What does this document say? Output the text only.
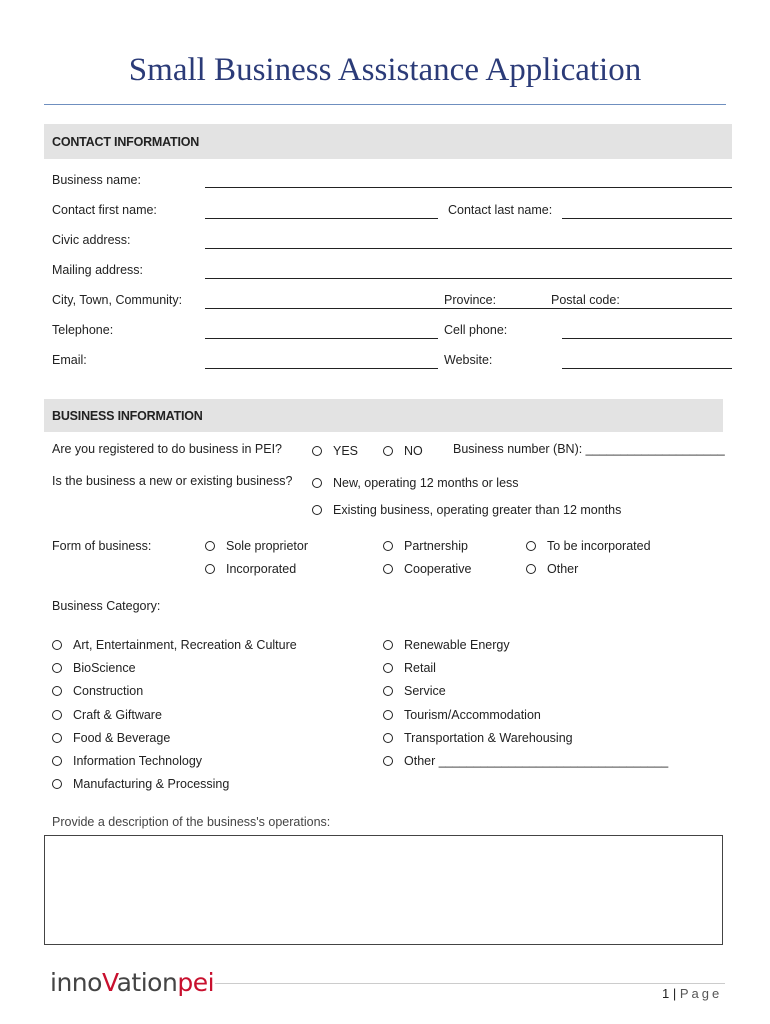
Small Business Assistance Application
CONTACT INFORMATION
Business name:
Contact first name:	Contact last name:
Civic address:
Mailing address:
City, Town, Community:	Province:	Postal code:
Telephone:	Cell phone:
Email:	Website:
BUSINESS INFORMATION
Are you registered to do business in PEI?	YES	NO Business number (BN): ____________________
Is the business a new or existing business?	New, operating 12 months or less
Existing business, operating greater than 12 months
Form of business:	Sole proprietor	Partnership	To be incorporated
Incorporated	Cooperative	Other
Business Category:
Art, Entertainment, Recreation & Culture
BioScience
Construction
Craft & Giftware
Food & Beverage
Information Technology
Manufacturing & Processing
Renewable Energy
Retail
Service
Tourism/Accommodation
Transportation & Warehousing
Other _________________________________
Provide a description of the business's operations:
innoVationpei	1 | Page
